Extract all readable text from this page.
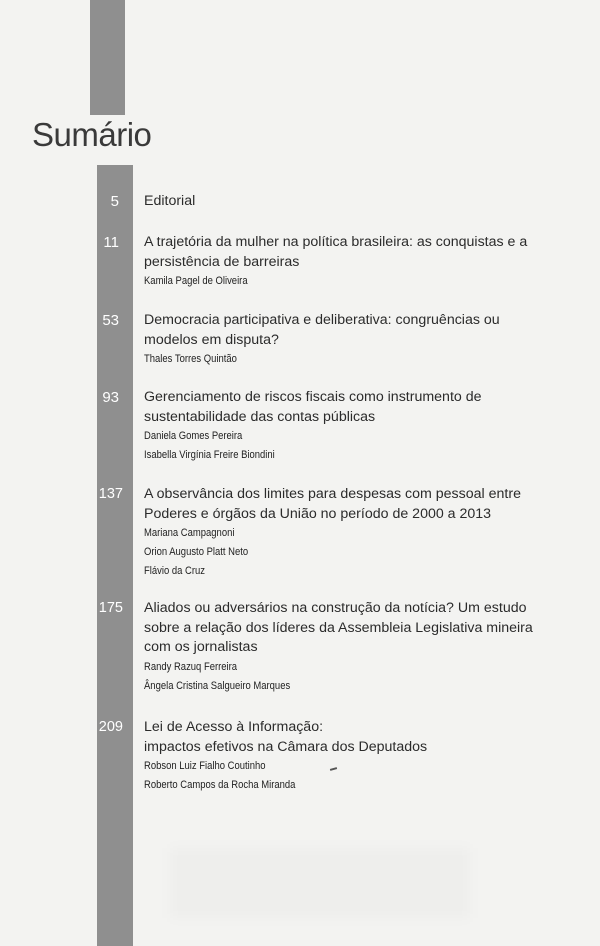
Sumário
5 Editorial

11 A trajetória da mulher na política brasileira: as conquistas e a

persistência de barreiras

Kamila Pagel de Oliveira

53 Democracia participativa e deliberativa: congruências ou

modelos em disputa?

Thales Torres Quintão

93 Gerenciamento de riscos fiscais como instrumento de

sustentabilidade das contas públicas

Daniela Gomes Pereira

Isabella Virgínia Freire Biondini

137 A observância dos limites para despesas com pessoal entre

Poderes e órgãos da União no período de 2000 a 2013

Mariana Campagnoni

Orion Augusto Platt Neto

Flávio da Cruz

175 Aliados ou adversários na construção da notícia? Um estudo

sobre a relação dos líderes da Assembleia Legislativa mineira

com os jornalistas

Randy Razuq Ferreira

Ângela Cristina Salgueiro Marques

209 Lei de Acesso à Informação:

impactos efetivos na Câmara dos Deputados

Robson Luiz Fialho Coutinho

Roberto Campos da Rocha Miranda
